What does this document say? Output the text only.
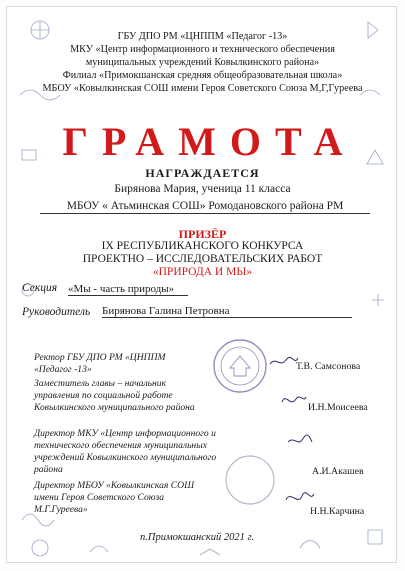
ГБУ ДПО РМ «ЦНППМ «Педагог -13»
МКУ «Центр информационного и технического обеспечения
муниципальных учреждений Ковылкинского района»
Филиал «Примокшанская средняя общеобразовательная школа»
МБОУ «Ковылкинская СОШ имени Героя Советского Союза М,Г,Гуреева
ГРАМОТА
НАГРАЖДАЕТСЯ
Бирянова Мария, ученица 11 класса
МБОУ « Атьминская СОШ» Ромодановского района РМ
ПРИЗЁР
IX РЕСПУБЛИКАНСКОГО КОНКУРСА
ПРОЕКТНО – ИССЛЕДОВАТЕЛЬСКИХ РАБОТ
«ПРИРОДА И МЫ»
Секция «Мы - часть природы»
Руководитель Бирянова Галина Петровна
Ректор ГБУ ДПО РМ «ЦНППМ
«Педагог -13»	Т.В. Самсонова
Заместитель главы – начальник
управления по социальной работе
Ковылкинского муниципального района	И.Н.Моисеева
Директор МКУ «Центр информационного и
технического обеспечения муниципальных
учреждений Ковылкинского муниципального
района	А.И.Акашев
Директор МБОУ «Ковылкинская СОШ
имени Героя Советского Союза
М.Г.Гуреева»	Н.Н.Карчина
п.Примокшанский 2021 г.
